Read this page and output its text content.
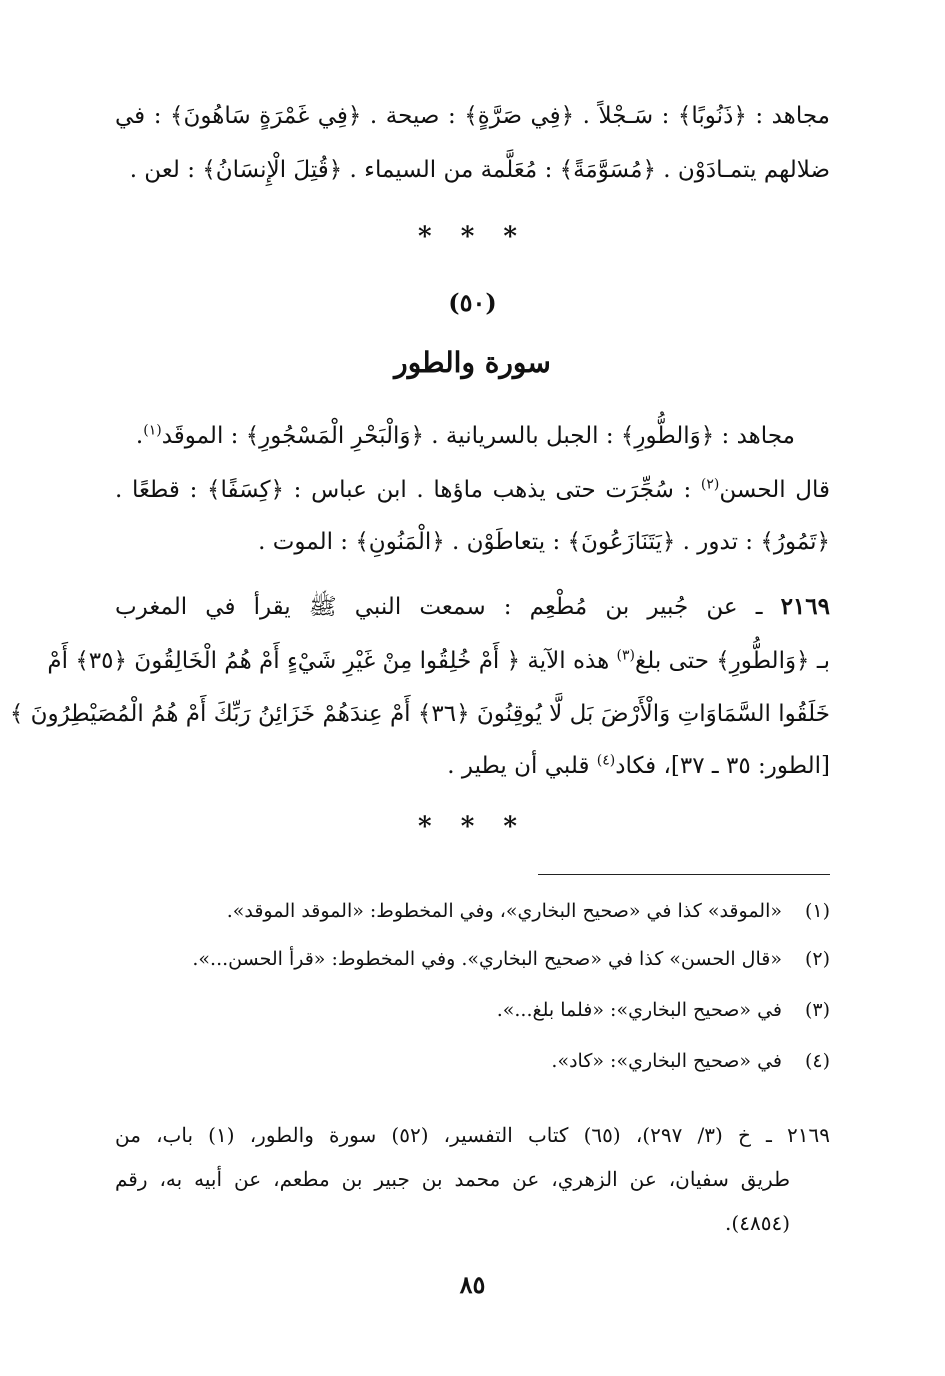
مجاهد : ﴿ذَنُوبًا﴾ : سَـجْلاً . ﴿فِي صَرَّةٍ﴾ : صيحة . ﴿فِي غَمْرَةٍ سَاهُونَ﴾ : في
ضلالهم يتمـادَوْن . ﴿مُسَوَّمَةً﴾ : مُعَلَّمة من السيماء . ﴿قُتِلَ الْإِنسَانُ﴾ : لعن .
* * *
(٥٠)
سورة والطور
مجاهد : ﴿وَالطُّورِ﴾ : الجبل بالسريانية . ﴿وَالْبَحْرِ الْمَسْجُورِ﴾ : الموقَد$^{(١)}$.
قال الحسن$^{(٢)}$ : سُجِّرَت حتى يذهب ماؤها . ابن عباس : ﴿كِسَفًا﴾ : قطعًا .
﴿تَمُورُ﴾ : تدور . ﴿يَتَنَازَعُونَ﴾ : يتعاطَوْن . ﴿الْمَنُونِ﴾ : الموت .
٢١٦٩ ـ عن جُبير بن مُطْعِم : سمعت النبي ﷺ يقرأ في المغرب
بـ ﴿وَالطُّورِ﴾ حتى بلغ$^{(٣)}$ هذه الآية ﴿ أَمْ خُلِقُوا مِنْ غَيْرِ شَيْءٍ أَمْ هُمُ الْخَالِقُونَ ﴿٣٥﴾ أَمْ
خَلَقُوا السَّمَاوَاتِ وَالْأَرْضَ بَل لَّا يُوقِنُونَ ﴿٣٦﴾ أَمْ عِندَهُمْ خَزَائِنُ رَبِّكَ أَمْ هُمُ الْمُصَيْطِرُونَ ﴾
[الطور: ٣٥ ـ ٣٧]، فكاد$^{(٤)}$ قلبي أن يطير .
* * *
(١)«الموقد» كذا في «صحيح البخاري»، وفي المخطوط: «الموقد الموقد».
(٢)«قال الحسن» كذا في «صحيح البخاري». وفي المخطوط: «قرأ الحسن...».
(٣)في «صحيح البخاري»: «فلما بلغ...».
(٤)في «صحيح البخاري»: «كاد».
٢١٦٩ ـ خ (٣/ ٢٩٧)، (٦٥) كتاب التفسير، (٥٢) سورة والطور، (١) باب، من
طريق سفيان، عن الزهري، عن محمد بن جبير بن مطعم، عن أبيه به، رقم
(٤٨٥٤).
٨٥
